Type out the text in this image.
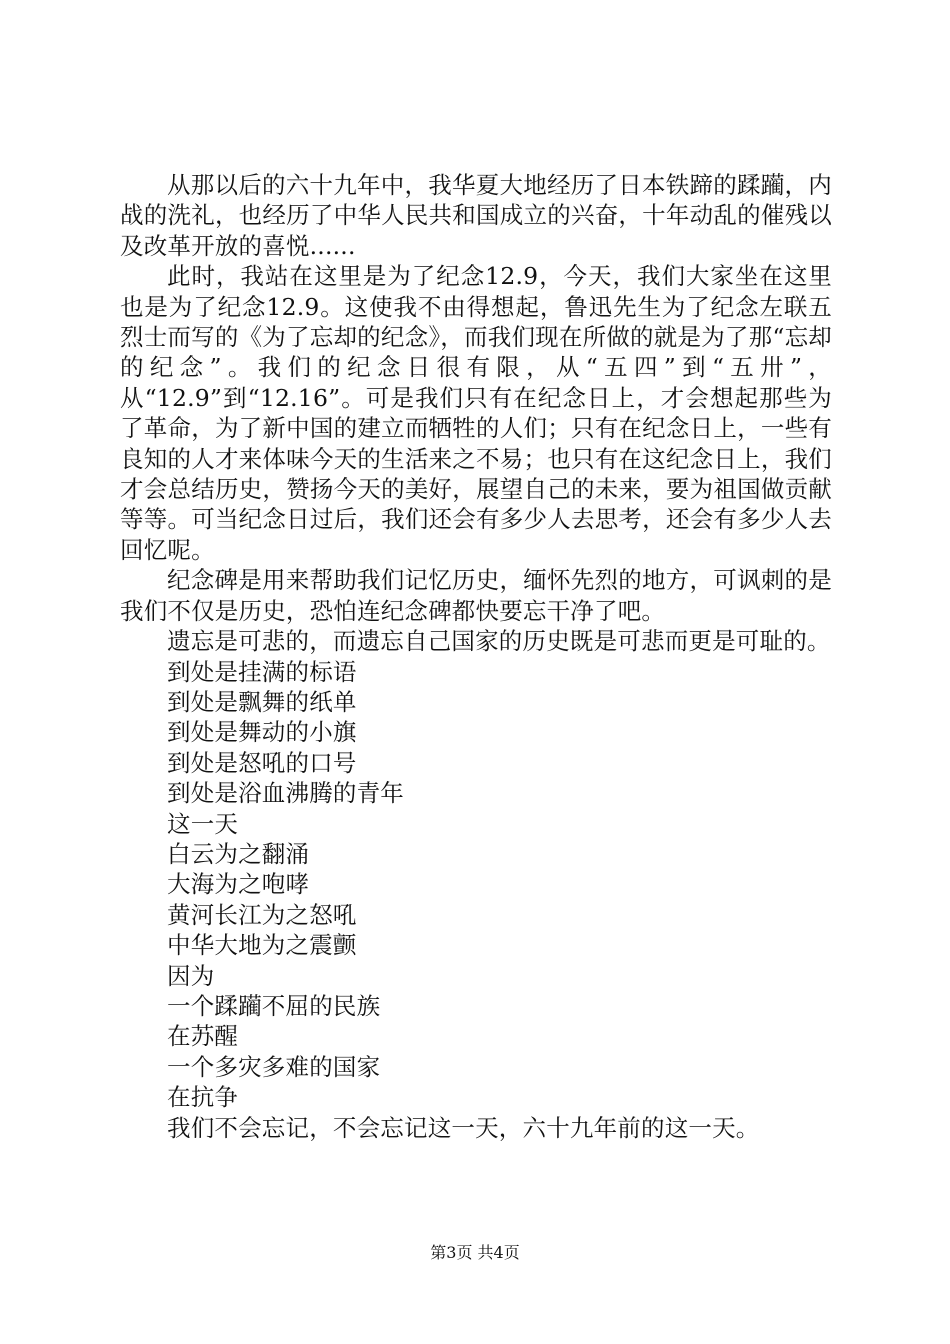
从那以后的六十九年中，我华夏大地经历了日本铁蹄的蹂躏，内战的洗礼，也经历了中华人民共和国成立的兴奋，十年动乱的催残以及改革开放的喜悦......

此时，我站在这里是为了纪念12.9，今天，我们大家坐在这里也是为了纪念12.9。这使我不由得想起，鲁迅先生为了纪念左联五烈士而写的《为了忘却的纪念》，而我们现在所做的就是为了那“忘却的纪念”。我们的纪念日很有限，从“五四”到“五卅”，从“12.9”到“12.16”。可是我们只有在纪念日上，才会想起那些为了革命，为了新中国的建立而牺牲的人们；只有在纪念日上，一些有良知的人才来体味今天的生活来之不易；也只有在这纪念日上，我们才会总结历史，赞扬今天的美好，展望自己的未来，要为祖国做贡献等等。可当纪念日过后，我们还会有多少人去思考，还会有多少人去回忆呢。

纪念碑是用来帮助我们记忆历史，缅怀先烈的地方，可讽刺的是我们不仅是历史，恐怕连纪念碑都快要忘干净了吧。

遗忘是可悲的，而遗忘自己国家的历史既是可悲而更是可耻的。

到处是挂满的标语

到处是飘舞的纸单

到处是舞动的小旗

到处是怒吼的口号

到处是浴血沸腾的青年

这一天

白云为之翻涌

大海为之咆哮

黄河长江为之怒吼

中华大地为之震颤

因为

一个蹂躏不屈的民族

在苏醒

一个多灾多难的国家

在抗争

我们不会忘记，不会忘记这一天，六十九年前的这一天。

第3页 共4页
